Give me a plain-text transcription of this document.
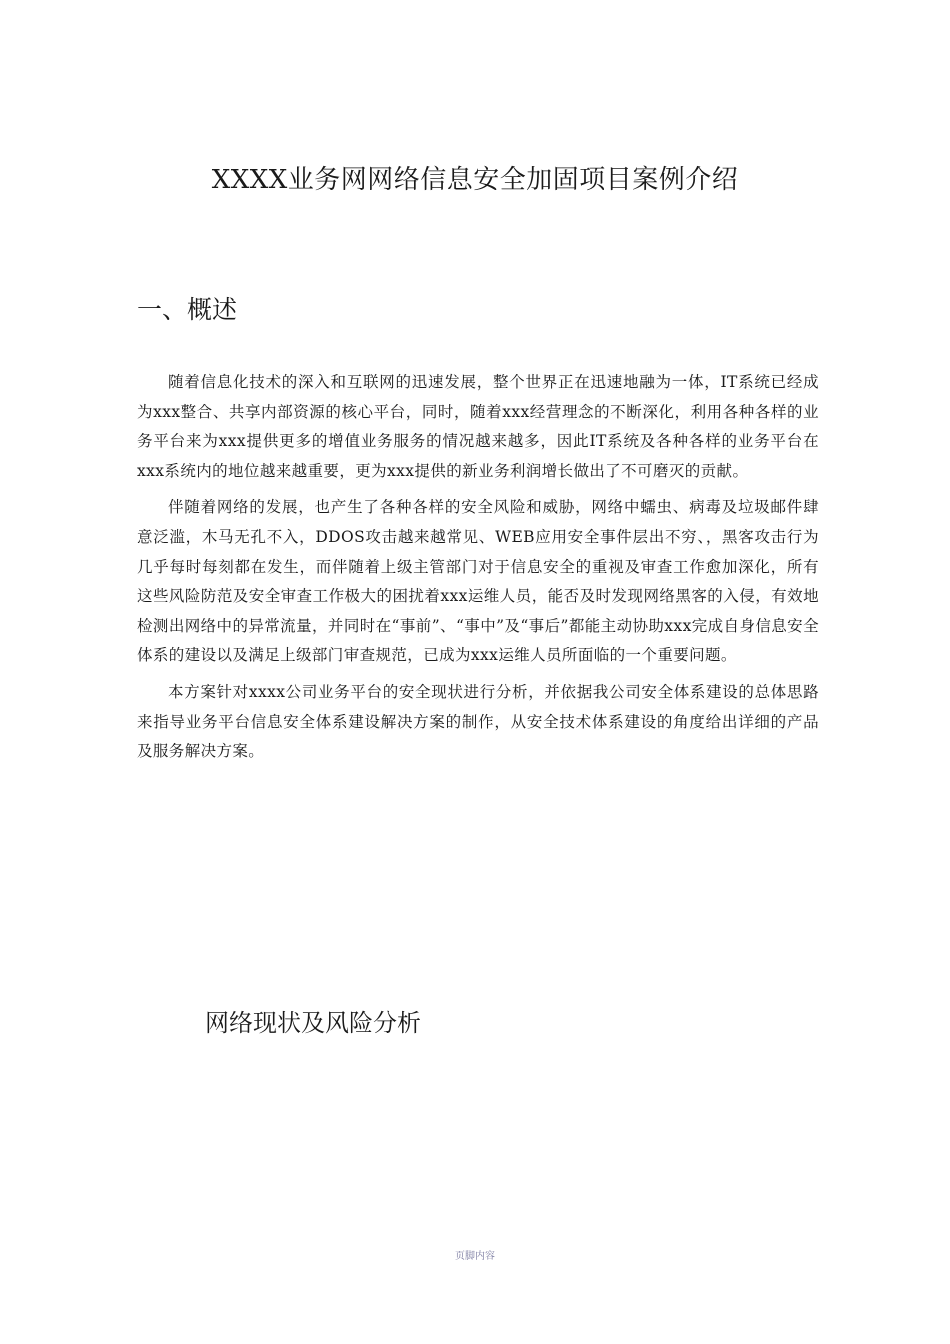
XXXX业务网网络信息安全加固项目案例介绍
一、概述

随着信息化技术的深入和互联网的迅速发展，整个世界正在迅速地融为一体，IT系统已经成为xxx整合、共享内部资源的核心平台，同时，随着xxx经营理念的不断深化，利用各种各样的业务平台来为xxx提供更多的增值业务服务的情况越来越多，因此IT系统及各种各样的业务平台在xxx系统内的地位越来越重要，更为xxx提供的新业务利润增长做出了不可磨灭的贡献。

伴随着网络的发展，也产生了各种各样的安全风险和威胁，网络中蠕虫、病毒及垃圾邮件肆意泛滥，木马无孔不入，DDOS攻击越来越常见、WEB应用安全事件层出不穷、，黑客攻击行为几乎每时每刻都在发生，而伴随着上级主管部门对于信息安全的重视及审查工作愈加深化，所有这些风险防范及安全审查工作极大的困扰着xxx运维人员，能否及时发现网络黑客的入侵，有效地检测出网络中的异常流量，并同时在“事前”、“事中”及“事后”都能主动协助xxx完成自身信息安全体系的建设以及满足上级部门审查规范，已成为xxx运维人员所面临的一个重要问题。

本方案针对xxxx公司业务平台的安全现状进行分析，并依据我公司安全体系建设的总体思路来指导业务平台信息安全体系建设解决方案的制作，从安全技术体系建设的角度给出详细的产品及服务解决方案。

网络现状及风险分析
页脚内容
